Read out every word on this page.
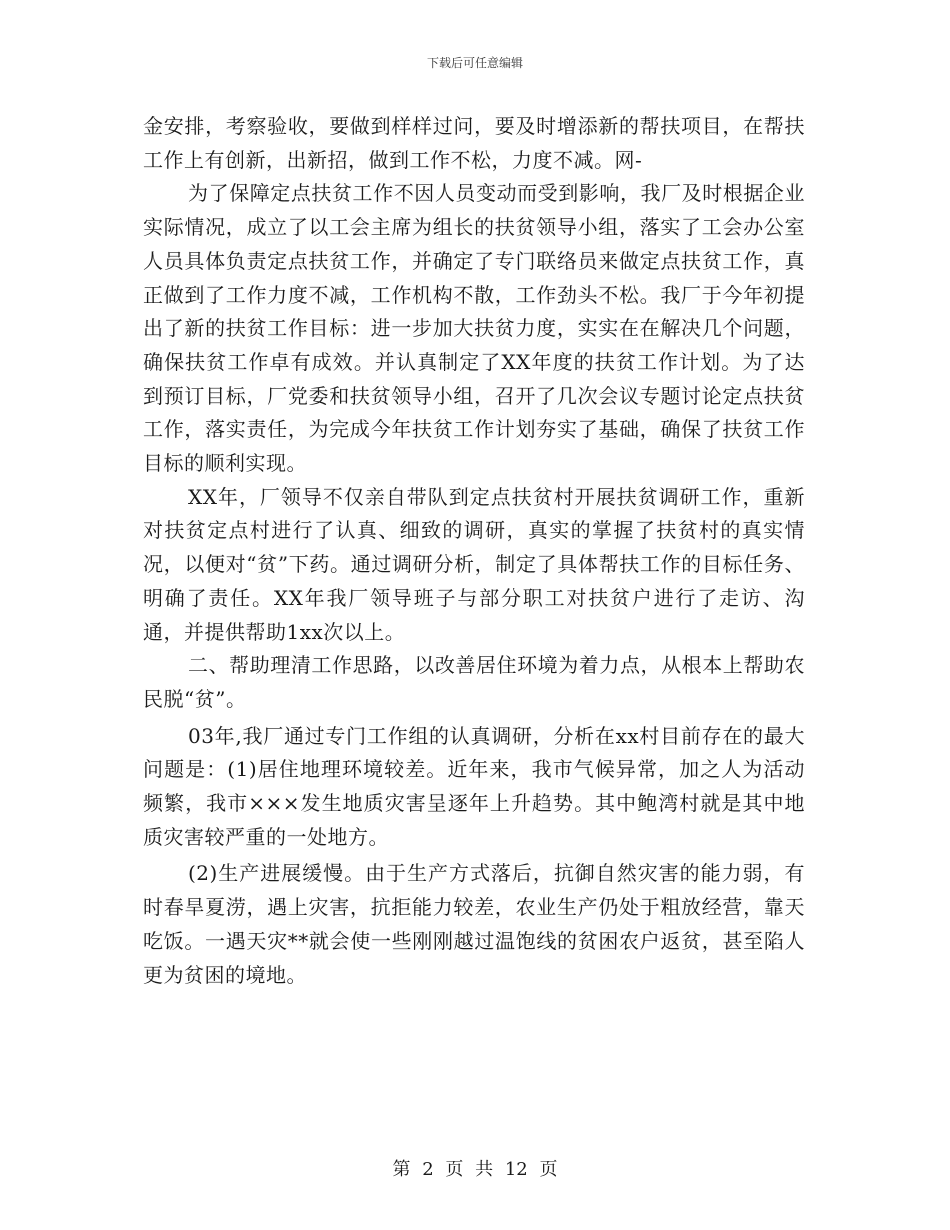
下载后可任意编辑

金安排，考察验收，要做到样样过问，要及时增添新的帮扶项目，在帮扶工作上有创新，出新招，做到工作不松，力度不减。网-

为了保障定点扶贫工作不因人员变动而受到影响，我厂及时根据企业实际情况，成立了以工会主席为组长的扶贫领导小组，落实了工会办公室人员具体负责定点扶贫工作，并确定了专门联络员来做定点扶贫工作，真正做到了工作力度不减，工作机构不散，工作劲头不松。我厂于今年初提出了新的扶贫工作目标：进一步加大扶贫力度，实实在在解决几个问题，确保扶贫工作卓有成效。并认真制定了XX年度的扶贫工作计划。为了达到预订目标，厂党委和扶贫领导小组，召开了几次会议专题讨论定点扶贫工作，落实责任，为完成今年扶贫工作计划夯实了基础，确保了扶贫工作目标的顺利实现。

XX年，厂领导不仅亲自带队到定点扶贫村开展扶贫调研工作，重新对扶贫定点村进行了认真、细致的调研，真实的掌握了扶贫村的真实情况，以便对“贫”下药。通过调研分析，制定了具体帮扶工作的目标任务、明确了责任。XX年我厂领导班子与部分职工对扶贫户进行了走访、沟通，并提供帮助1xx次以上。

二、帮助理清工作思路，以改善居住环境为着力点，从根本上帮助农民脱“贫”。

03年,我厂通过专门工作组的认真调研，分析在xx村目前存在的最大问题是：(1)居住地理环境较差。近年来，我市气候异常，加之人为活动频繁，我市×××发生地质灾害呈逐年上升趋势。其中鲍湾村就是其中地质灾害较严重的一处地方。

(2)生产进展缓慢。由于生产方式落后，抗御自然灾害的能力弱，有时春旱夏涝，遇上灾害，抗拒能力较差，农业生产仍处于粗放经营，靠天吃饭。一遇天灾**就会使一些刚刚越过温饱线的贫困农户返贫，甚至陷人更为贫困的境地。

第 2 页 共 12 页
